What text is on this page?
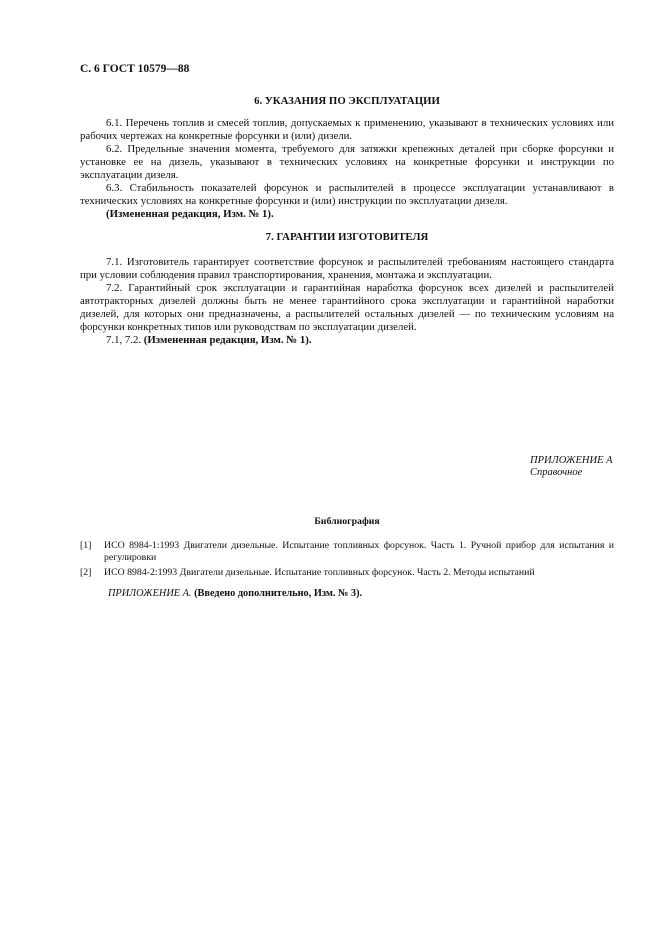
С. 6 ГОСТ 10579—88

6. УКАЗАНИЯ ПО ЭКСПЛУАТАЦИИ

6.1. Перечень топлив и смесей топлив, допускаемых к применению, указывают в технических условиях или рабочих чертежах на конкретные форсунки и (или) дизели.

6.2. Предельные значения момента, требуемого для затяжки крепежных деталей при сборке форсунки и установке ее на дизель, указывают в технических условиях на конкретные форсунки и инструкции по эксплуатации дизеля.

6.3. Стабильность показателей форсунок и распылителей в процессе эксплуатации устанавливают в технических условиях на конкретные форсунки и (или) инструкции по эксплуатации дизеля.

(Измененная редакция, Изм. № 1).

7. ГАРАНТИИ ИЗГОТОВИТЕЛЯ

7.1. Изготовитель гарантирует соответствие форсунок и распылителей требованиям настоящего стандарта при условии соблюдения правил транспортирования, хранения, монтажа и эксплуатации.

7.2. Гарантийный срок эксплуатации и гарантийная наработка форсунок всех дизелей и распылителей автотракторных дизелей должны быть не менее гарантийного срока эксплуатации и гарантийной наработки дизелей, для которых они предназначены, а распылителей остальных дизелей — по техническим условиям на форсунки конкретных типов или руководствам по эксплуатации дизелей.

7.1, 7.2. (Измененная редакция, Изм. № 1).

ПРИЛОЖЕНИЕ А
Справочное
Библиография
[1] ИСО 8984-1:1993 Двигатели дизельные. Испытание топливных форсунок. Часть 1. Ручной прибор для испытания и регулировки
[2] ИСО 8984-2:1993 Двигатели дизельные. Испытание топливных форсунок. Часть 2. Методы испытаний
ПРИЛОЖЕНИЕ А. (Введено дополнительно, Изм. № 3).
